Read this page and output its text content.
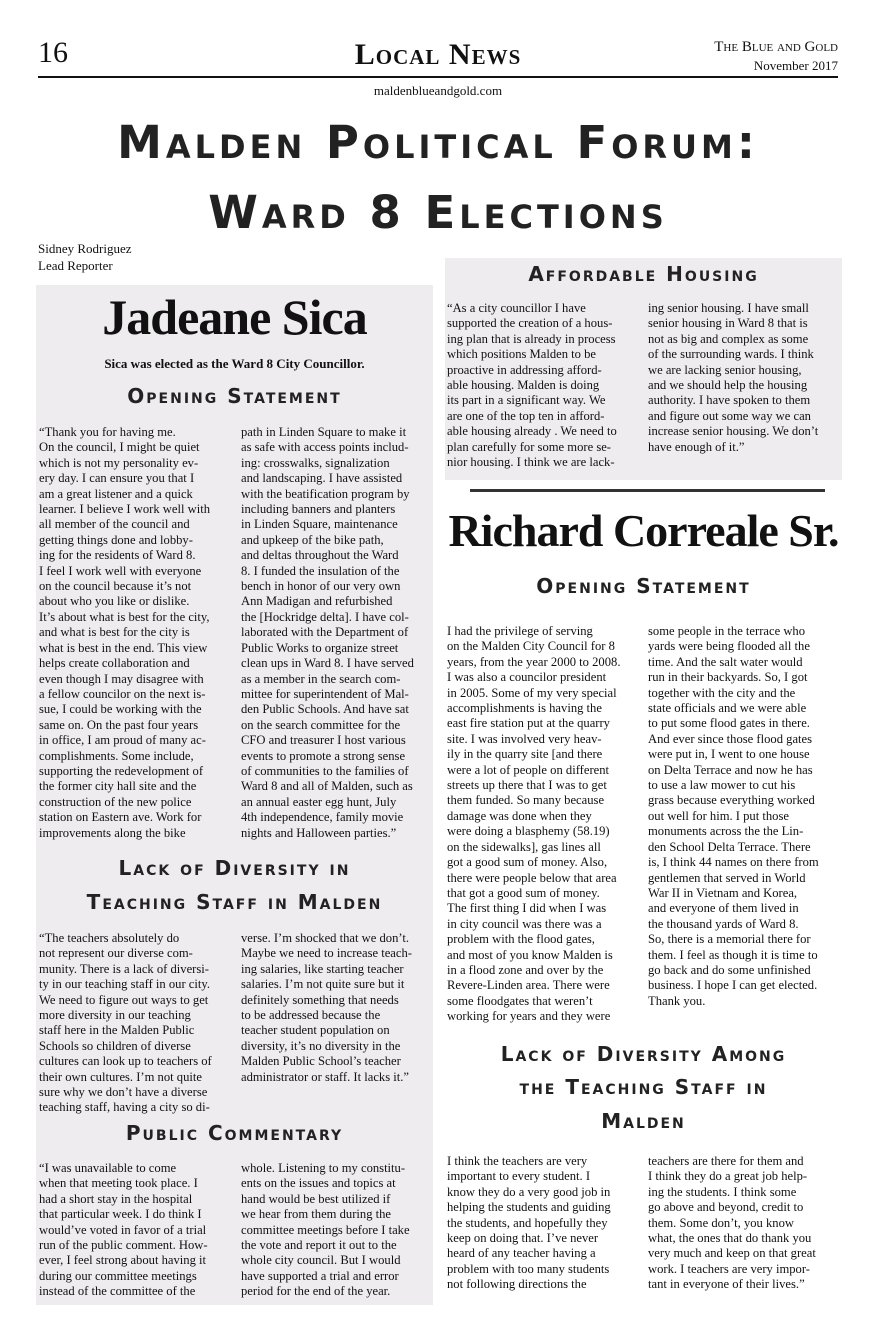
16	Local News	The Blue and Gold
November 2017
maldenblueandgold.com
Malden Political Forum:
Ward 8 Elections
Sidney Rodriguez
Lead Reporter
Jadeane Sica
Sica was elected as the Ward 8 City Councillor.
Opening Statement
“Thank you for having me.
On the council, I might be quiet
which is not my personality ev-
ery day. I can ensure you that I
am a great listener and a quick
learner. I believe I work well with
all member of the council and
getting things done and lobby-
ing for the residents of Ward 8.
I feel I work well with everyone
on the council because it’s not
about who you like or dislike.
It’s about what is best for the city,
and what is best for the city is
what is best in the end. This view
helps create collaboration and
even though I may disagree with
a fellow councilor on the next is-
sue, I could be working with the
same on. On the past four years
in office, I am proud of many ac-
complishments. Some include,
supporting the redevelopment of
the former city hall site and the
construction of the new police
station on Eastern ave. Work for
improvements along the bike
path in Linden Square to make it
as safe with access points includ-
ing: crosswalks, signalization
and landscaping. I have assisted
with the beatification program by
including banners and planters
in Linden Square, maintenance
and upkeep of the bike path,
and deltas throughout the Ward
8. I funded the insulation of the
bench in honor of our very own
Ann Madigan and refurbished
the [Hockridge delta]. I have col-
laborated with the Department of
Public Works to organize street
clean ups in Ward 8. I have served
as a member in the search com-
mittee for superintendent of Mal-
den Public Schools. And have sat
on the search committee for the
CFO and treasurer I host various
events to promote a strong sense
of communities to the families of
Ward 8 and all of Malden, such as
an annual easter egg hunt, July
4th independence, family movie
nights and Halloween parties.”
Lack of Diversity in
Teaching Staff in Malden
“The teachers absolutely do
not represent our diverse com-
munity. There is a lack of diversi-
ty in our teaching staff in our city.
We need to figure out ways to get
more diversity in our teaching
staff here in the Malden Public
Schools so children of diverse
cultures can look up to teachers of
their own cultures. I’m not quite
sure why we don’t have a diverse
teaching staff, having a city so di-
verse. I’m shocked that we don’t.
Maybe we need to increase teach-
ing salaries, like starting teacher
salaries. I’m not quite sure but it
definitely something that needs
to be addressed because the
teacher student population on
diversity, it’s no diversity in the
Malden Public School’s teacher
administrator or staff. It lacks it.”
Public Commentary
“I was unavailable to come
when that meeting took place. I
had a short stay in the hospital
that particular week. I do think I
would’ve voted in favor of a trial
run of the public comment. How-
ever, I feel strong about having it
during our committee meetings
instead of the committee of the
whole. Listening to my constitu-
ents on the issues and topics at
hand would be best utilized if
we hear from them during the
committee meetings before I take
the vote and report it out to the
whole city council. But I would
have supported a trial and error
period for the end of the year.
Affordable Housing
“As a city councillor I have
supported the creation of a hous-
ing plan that is already in process
which positions Malden to be
proactive in addressing afford-
able housing. Malden is doing
its part in a significant way. We
are one of the top ten in afford-
able housing already . We need to
plan carefully for some more se-
nior housing. I think we are lack-
ing senior housing. I have small
senior housing in Ward 8 that is
not as big and complex as some
of the surrounding wards. I think
we are lacking senior housing,
and we should help the housing
authority. I have spoken to them
and figure out some way we can
increase senior housing. We don’t
have enough of it.”
Richard Correale Sr.
Opening Statement
I had the privilege of serving
on the Malden City Council for 8
years, from the year 2000 to 2008.
I was also a councilor president
in 2005. Some of my very special
accomplishments is having the
east fire station put at the quarry
site. I was involved very heav-
ily in the quarry site [and there
were a lot of people on different
streets up there that I was to get
them funded. So many because
damage was done when they
were doing a blasphemy (58.19)
on the sidewalks], gas lines all
got a good sum of money. Also,
there were people below that area
that got a good sum of money.
The first thing I did when I was
in city council was there was a
problem with the flood gates,
and most of you know Malden is
in a flood zone and over by the
Revere-Linden area. There were
some floodgates that weren’t
working for years and they were
some people in the terrace who
yards were being flooded all the
time. And the salt water would
run in their backyards. So, I got
together with the city and the
state officials and we were able
to put some flood gates in there.
And ever since those flood gates
were put in, I went to one house
on Delta Terrace and now he has
to use a law mower to cut his
grass because everything worked
out well for him. I put those
monuments across the the Lin-
den School Delta Terrace. There
is, I think 44 names on there from
gentlemen that served in World
War II in Vietnam and Korea,
and everyone of them lived in
the thousand yards of Ward 8.
So, there is a memorial there for
them. I feel as though it is time to
go back and do some unfinished
business. I hope I can get elected.
Thank you.
Lack of Diversity Among
the Teaching Staff in
Malden
I think the teachers are very
important to every student. I
know they do a very good job in
helping the students and guiding
the students, and hopefully they
keep on doing that. I’ve never
heard of any teacher having a
problem with too many students
not following directions the
teachers are there for them and
I think they do a great job help-
ing the students. I think some
go above and beyond, credit to
them. Some don’t, you know
what, the ones that do thank you
very much and keep on that great
work. I teachers are very impor-
tant in everyone of their lives.”
